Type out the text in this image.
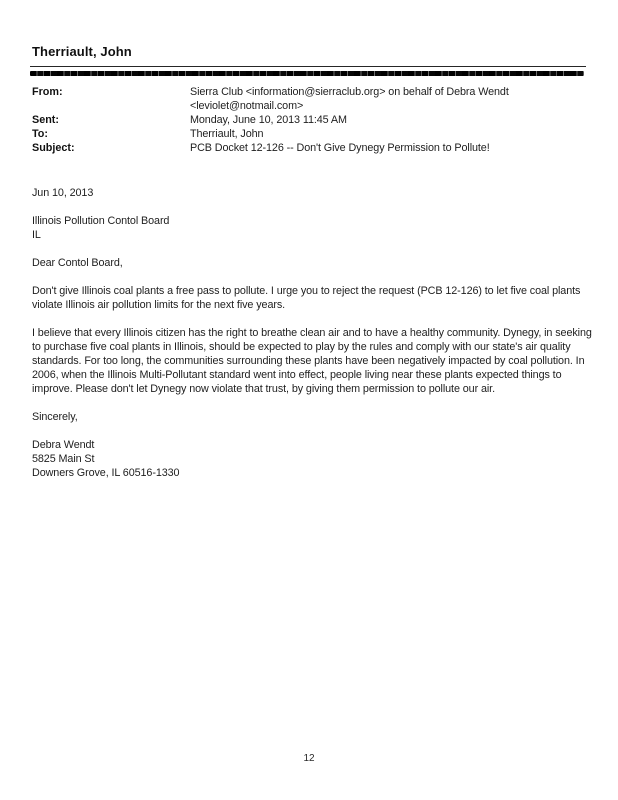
Therriault, John
From:	Sierra Club <information@sierraclub.org> on behalf of Debra Wendt
<leviolet@notmail.com>
Sent:	Monday, June 10, 2013 11:45 AM
To:	Therriault, John
Subject:	PCB Docket 12-126 -- Don't Give Dynegy Permission to Pollute!
Jun 10, 2013
Illinois Pollution Contol Board
IL
Dear Contol Board,
Don't give Illinois coal plants a free pass to pollute. I urge you to reject the request (PCB 12-126) to let five coal plants violate Illinois air pollution limits for the next five years.
I believe that every Illinois citizen has the right to breathe clean air and to have a healthy community. Dynegy, in seeking to purchase five coal plants in Illinois, should be expected to play by the rules and comply with our state's air quality standards. For too long, the communities surrounding these plants have been negatively impacted by coal pollution. In 2006, when the Illinois Multi-Pollutant standard went into effect, people living near these plants expected things to improve. Please don't let Dynegy now violate that trust, by giving them permission to pollute our air.
Sincerely,
Debra Wendt
5825 Main St
Downers Grove, IL 60516-1330
12
